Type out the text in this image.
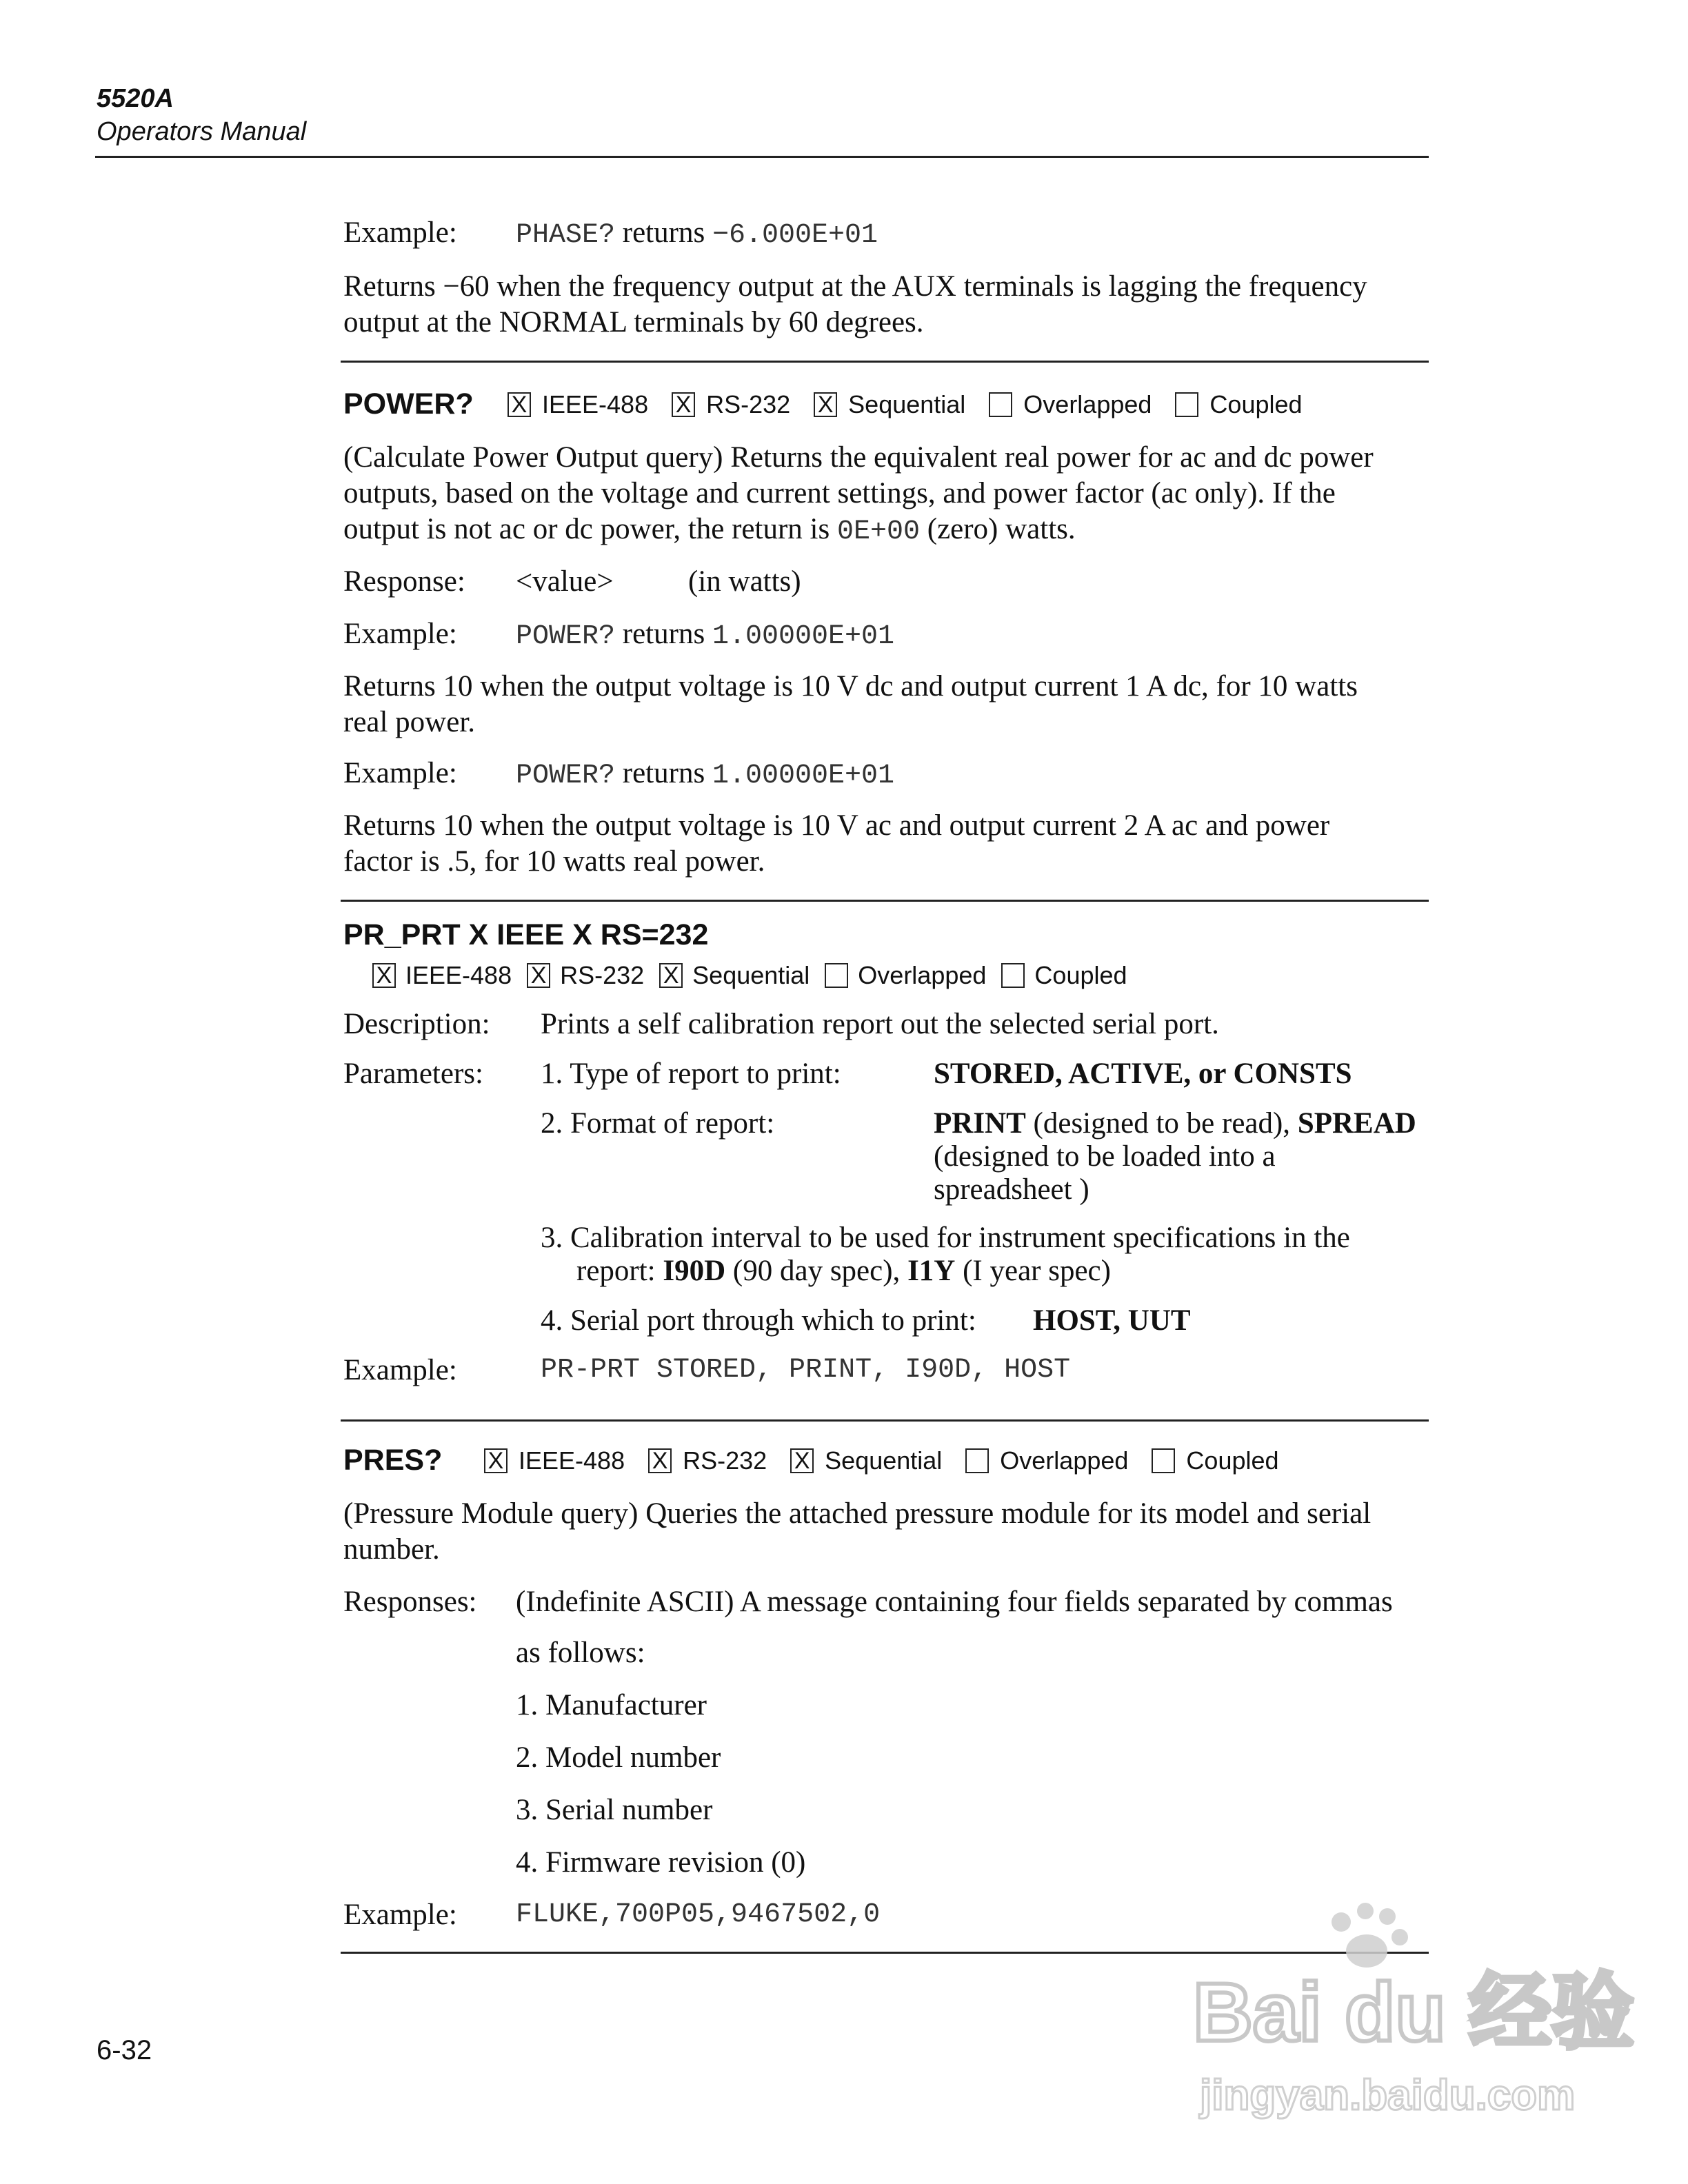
5520A
Operators Manual
Example: PHASE? returns −6.000E+01
Returns −60 when the frequency output at the AUX terminals is lagging the frequency
output at the NORMAL terminals by 60 degrees.
POWER? X IEEE-488 X RS-232 X Sequential Overlapped Coupled
(Calculate Power Output query) Returns the equivalent real power for ac and dc power
outputs, based on the voltage and current settings, and power factor (ac only). If the
output is not ac or dc power, the return is 0E+00 (zero) watts.
Response: <value>	(in watts)
Example: POWER? returns 1.00000E+01
Returns 10 when the output voltage is 10 V dc and output current 1 A dc, for 10 watts
real power.
Example: POWER? returns 1.00000E+01
Returns 10 when the output voltage is 10 V ac and output current 2 A ac and power
factor is .5, for 10 watts real power.
PR_PRT X IEEE X RS=232
X IEEE-488 X RS-232 X Sequential Overlapped Coupled
Description: Prints a self calibration report out the selected serial port.
Parameters: 1. Type of report to print:	STORED, ACTIVE, or CONSTS
2. Format of report:	PRINT (designed to be read), SPREAD
(designed to be loaded into a
spreadsheet )
3. Calibration interval to be used for instrument specifications in the
report: I90D (90 day spec), I1Y (I year spec)
4. Serial port through which to print: HOST, UUT
Example:	PR-PRT STORED, PRINT, I90D, HOST
PRES? X IEEE-488 X RS-232 X Sequential Overlapped Coupled
(Pressure Module query) Queries the attached pressure module for its model and serial
number.
Responses: (Indefinite ASCII) A message containing four fields separated by commas
as follows:
1. Manufacturer
2. Model number
3. Serial number
4. Firmware revision (0)
Example: FLUKE,700P05,9467502,0
6-32	Bai du 经验
jingyan.baidu.com
